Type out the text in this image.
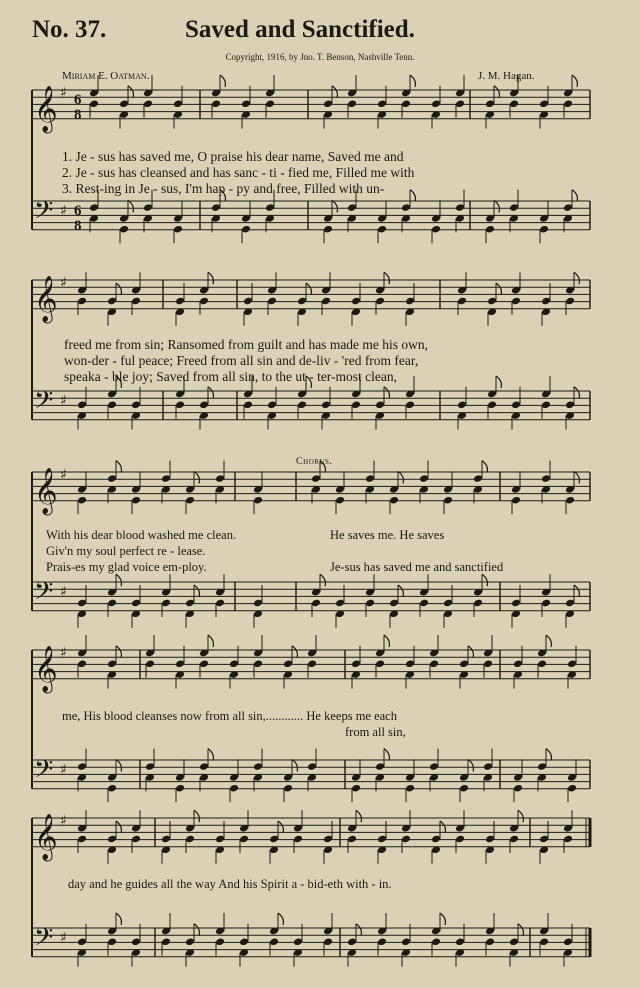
No. 37.	Saved and Sanctified.
Copyright, 1916, by Jno. T. Benson, Nashville Tenn.
Miriam E. Oatman.	J. M. Hagan.
𝄞 ♯ 6
8
𝄢 ♯ 6
8
𝄞 ♯
𝄢 ♯
𝄞 ♯
𝄢 ♯
𝄞 ♯
𝄢 ♯
𝄞 ♯
𝄢 ♯
1. Je - sus has saved me, O praise his dear name, Saved me and
2. Je - sus has cleansed and has sanc - ti - fied me, Filled me with
3. Rest-ing in Je - sus, I'm hap - py and free, Filled with un-
freed me from sin; Ransomed from guilt and has made me his own,
won-der - ful peace; Freed from all sin and de-liv - 'red from fear,
speaka - ble joy; Saved from all sin, to the ut - ter-most clean,
Chorus.
With his dear blood washed me clean.
Giv'n my soul perfect re - lease.
Prais-es my glad voice em-ploy.
He saves me. He saves
Je-sus has saved me and sanctified
me, His blood cleanses now from all sin,............ He keeps me each
from all sin,
day and he guides all the way And his Spirit a - bid-eth with - in.
